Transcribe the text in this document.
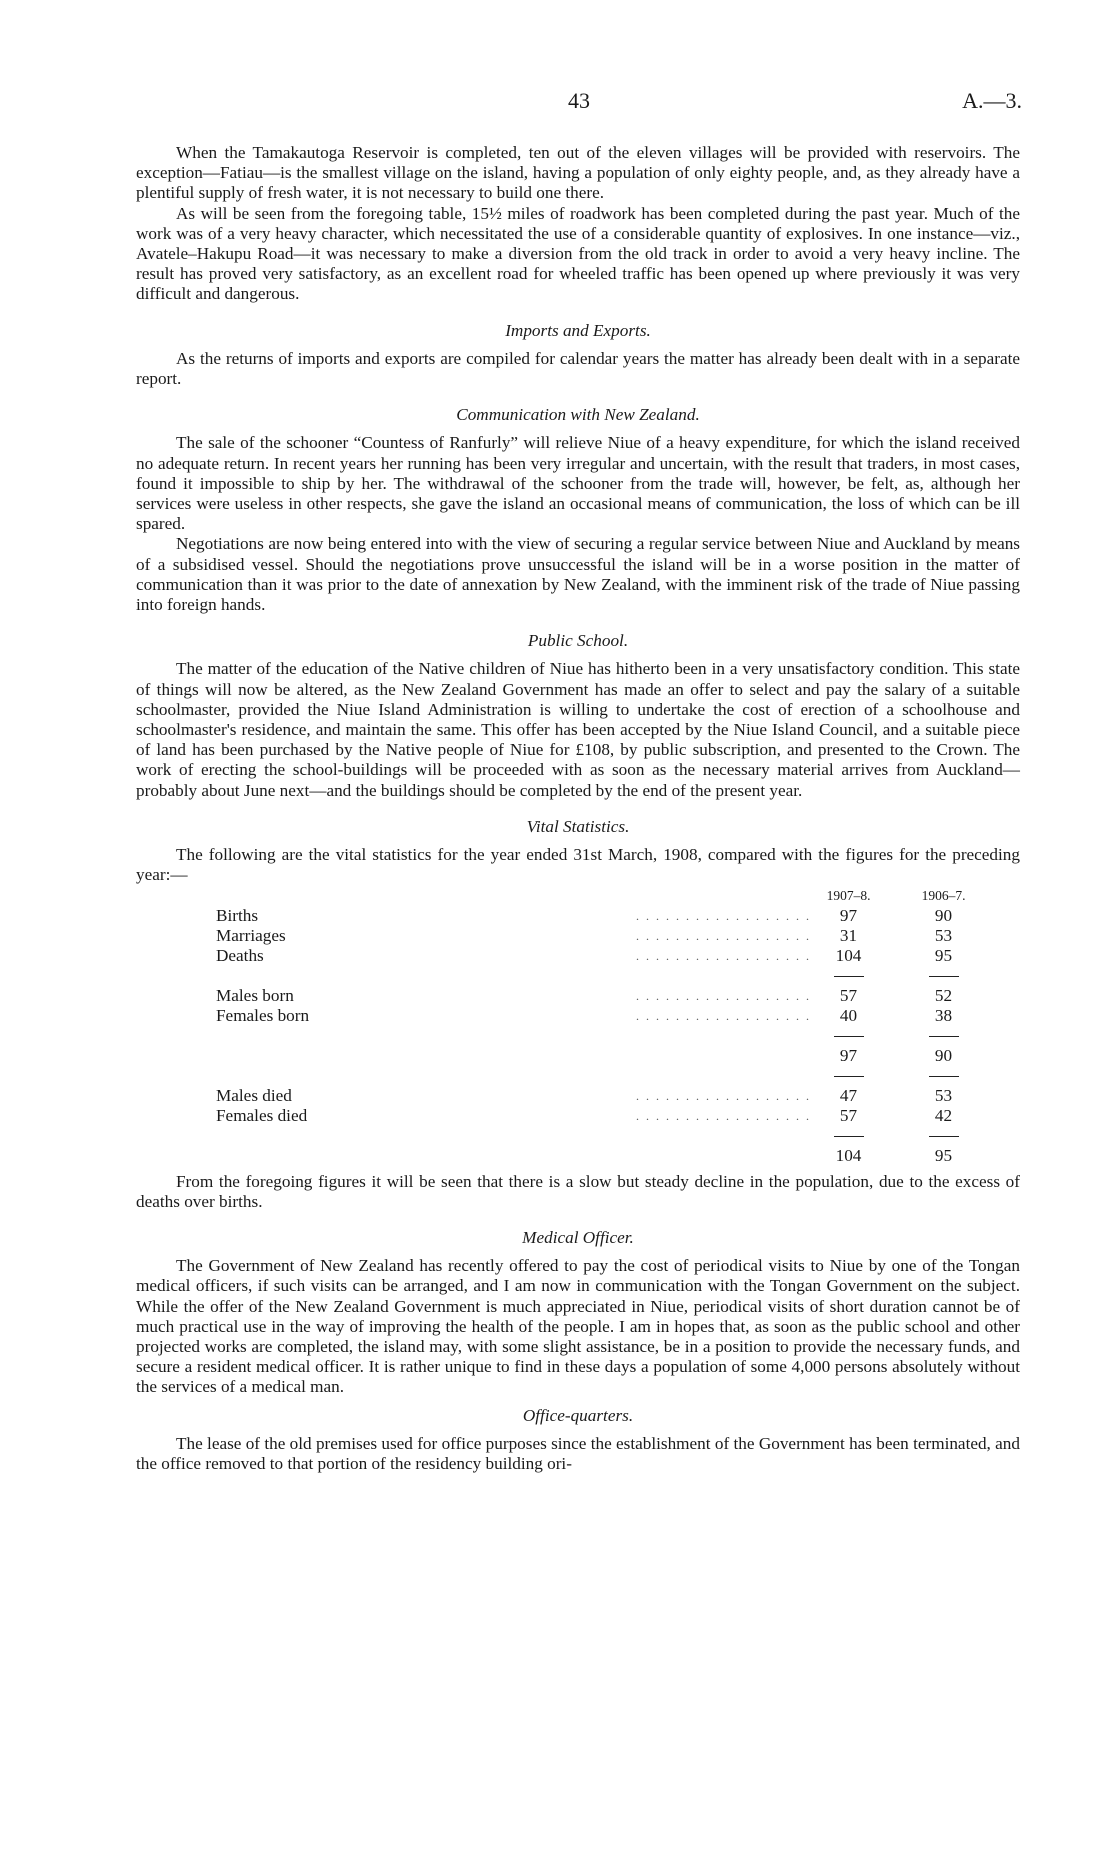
43	A.—3.

When the Tamakautoga Reservoir is completed, ten out of the eleven villages will be provided with reservoirs. The exception—Fatiau—is the smallest village on the island, having a population of only eighty people, and, as they already have a plentiful supply of fresh water, it is not necessary to build one there.

As will be seen from the foregoing table, 15½ miles of roadwork has been completed during the past year. Much of the work was of a very heavy character, which necessitated the use of a considerable quantity of explosives. In one instance—viz., Avatele–Hakupu Road—it was necessary to make a diversion from the old track in order to avoid a very heavy incline. The result has proved very satisfactory, as an excellent road for wheeled traffic has been opened up where previously it was very difficult and dangerous.

Imports and Exports.

As the returns of imports and exports are compiled for calendar years the matter has already been dealt with in a separate report.

Communication with New Zealand.

The sale of the schooner “Countess of Ranfurly” will relieve Niue of a heavy expenditure, for which the island received no adequate return. In recent years her running has been very irregular and uncertain, with the result that traders, in most cases, found it impossible to ship by her. The withdrawal of the schooner from the trade will, however, be felt, as, although her services were useless in other respects, she gave the island an occasional means of communication, the loss of which can be ill spared.

Negotiations are now being entered into with the view of securing a regular service between Niue and Auckland by means of a subsidised vessel. Should the negotiations prove unsuccessful the island will be in a worse position in the matter of communication than it was prior to the date of annexation by New Zealand, with the imminent risk of the trade of Niue passing into foreign hands.

Public School.

The matter of the education of the Native children of Niue has hitherto been in a very unsatisfactory condition. This state of things will now be altered, as the New Zealand Government has made an offer to select and pay the salary of a suitable schoolmaster, provided the Niue Island Administration is willing to undertake the cost of erection of a schoolhouse and schoolmaster's residence, and maintain the same. This offer has been accepted by the Niue Island Council, and a suitable piece of land has been purchased by the Native people of Niue for £108, by public subscription, and presented to the Crown. The work of erecting the school-buildings will be proceeded with as soon as the necessary material arrives from Auckland—probably about June next—and the buildings should be completed by the end of the present year.

Vital Statistics.

The following are the vital statistics for the year ended 31st March, 1908, compared with the figures for the preceding year:—

		1907–8.	1906–7.
Births	. . . . . . . . . . . . . . . . . .	97	90
Marriages	. . . . . . . . . . . . . . . . . .	31	53
Deaths	. . . . . . . . . . . . . . . . . .	104	95

Males born	. . . . . . . . . . . . . . . . . .	57	52
Females born	. . . . . . . . . . . . . . . . . .	40	38

		97	90

Males died	. . . . . . . . . . . . . . . . . .	47	53
Females died	. . . . . . . . . . . . . . . . . .	57	42

		104	95

From the foregoing figures it will be seen that there is a slow but steady decline in the population, due to the excess of deaths over births.

Medical Officer.

The Government of New Zealand has recently offered to pay the cost of periodical visits to Niue by one of the Tongan medical officers, if such visits can be arranged, and I am now in communication with the Tongan Government on the subject. While the offer of the New Zealand Government is much appreciated in Niue, periodical visits of short duration cannot be of much practical use in the way of improving the health of the people. I am in hopes that, as soon as the public school and other projected works are completed, the island may, with some slight assistance, be in a position to provide the necessary funds, and secure a resident medical officer. It is rather unique to find in these days a population of some 4,000 persons absolutely without the services of a medical man.

Office-quarters.

The lease of the old premises used for office purposes since the establishment of the Government has been terminated, and the office removed to that portion of the residency building ori-
